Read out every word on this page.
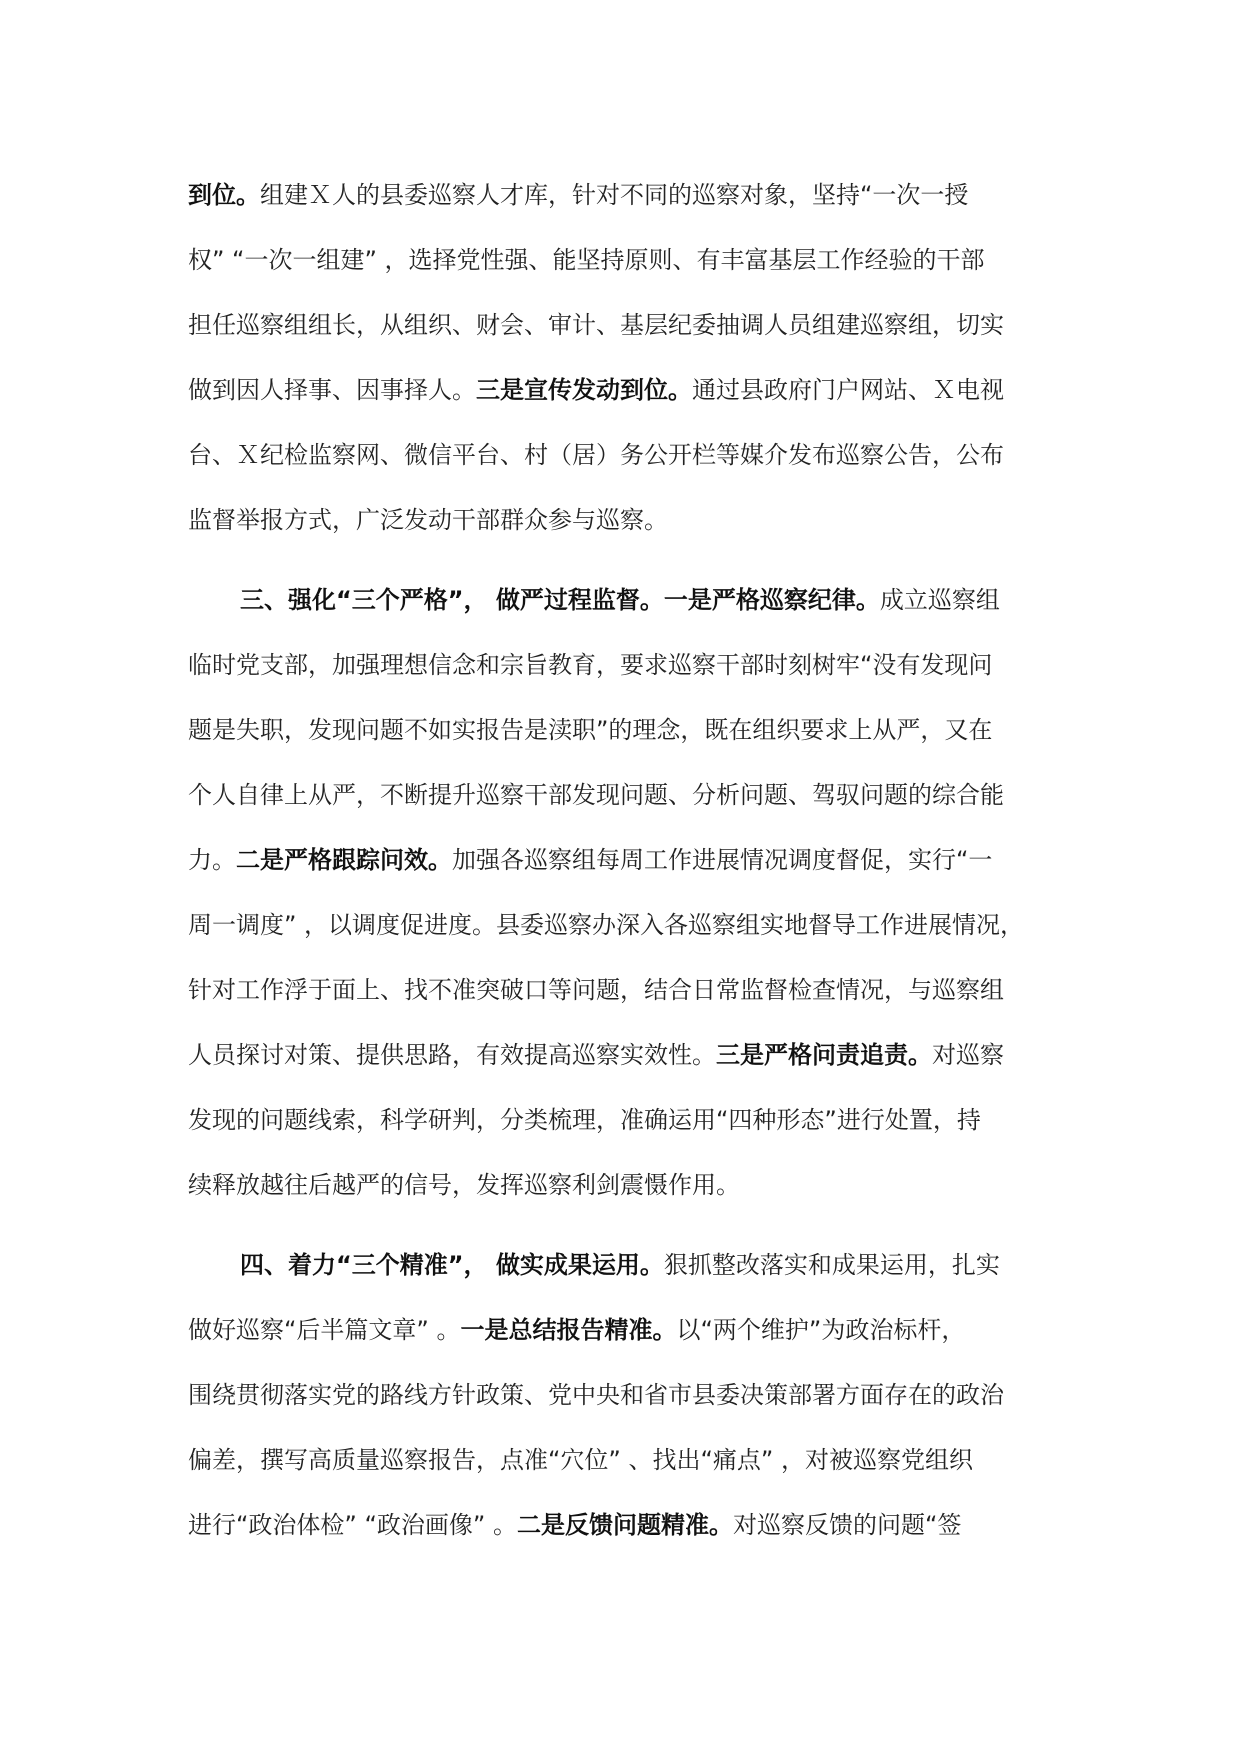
到位。组建Ｘ人的县委巡察人才库，针对不同的巡察对象，坚持“一次一授
权” “一次一组建” ，选择党性强、能坚持原则、有丰富基层工作经验的干部
担任巡察组组长，从组织、财会、审计、基层纪委抽调人员组建巡察组，切实
做到因人择事、因事择人。三是宣传发动到位。通过县政府门户网站、Ｘ电视
台、Ｘ纪检监察网、微信平台、村（居）务公开栏等媒介发布巡察公告，公布
监督举报方式，广泛发动干部群众参与巡察。
三、强化“三个严格”， 做严过程监督。一是严格巡察纪律。成立巡察组
临时党支部，加强理想信念和宗旨教育，要求巡察干部时刻树牢“没有发现问
题是失职，发现问题不如实报告是渎职”的理念，既在组织要求上从严，又在
个人自律上从严，不断提升巡察干部发现问题、分析问题、驾驭问题的综合能
力。二是严格跟踪问效。加强各巡察组每周工作进展情况调度督促，实行“一
周一调度” ，以调度促进度。县委巡察办深入各巡察组实地督导工作进展情况，
针对工作浮于面上、找不准突破口等问题，结合日常监督检查情况，与巡察组
人员探讨对策、提供思路，有效提高巡察实效性。三是严格问责追责。对巡察
发现的问题线索，科学研判，分类梳理，准确运用“四种形态”进行处置，持
续释放越往后越严的信号，发挥巡察利剑震慑作用。
四、着力“三个精准”， 做实成果运用。狠抓整改落实和成果运用，扎实
做好巡察“后半篇文章” 。一是总结报告精准。以“两个维护”为政治标杆，
围绕贯彻落实党的路线方针政策、党中央和省市县委决策部署方面存在的政治
偏差，撰写高质量巡察报告，点准“穴位” 、找出“痛点” ，对被巡察党组织
进行“政治体检” “政治画像” 。二是反馈问题精准。对巡察反馈的问题“签
